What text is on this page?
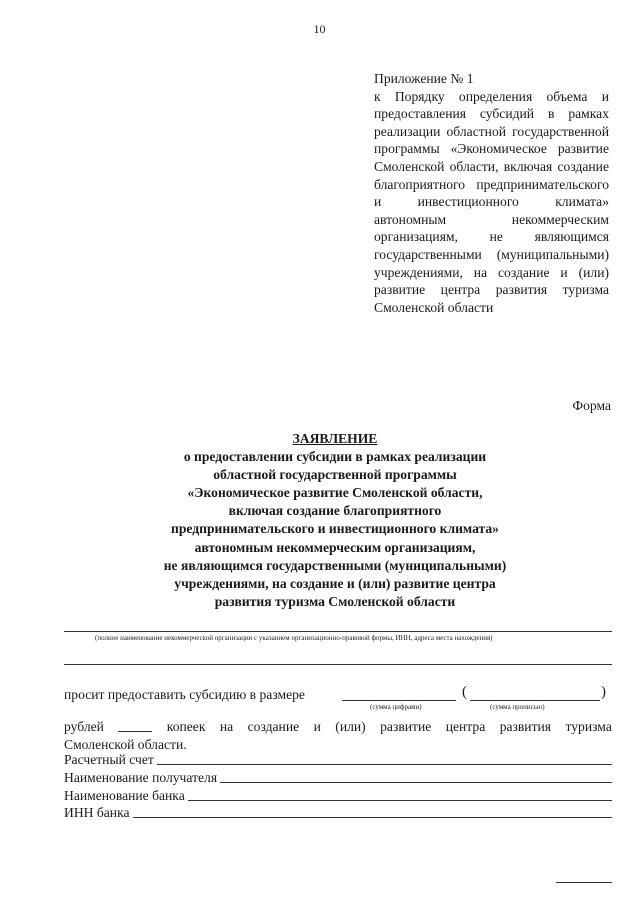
10
Приложение № 1
к Порядку определения объема и предоставления субсидий в рамках реализации областной государственной программы «Экономическое развитие Смоленской области, включая создание благоприятного предпринимательского и инвестиционного климата» автономным некоммерческим организациям, не являющимся государственными (муниципальными) учреждениями, на создание и (или) развитие центра развития туризма Смоленской области
Форма
ЗАЯВЛЕНИЕ
о предоставлении субсидии в рамках реализации
областной государственной программы
«Экономическое развитие Смоленской области,
включая создание благоприятного
предпринимательского и инвестиционного климата»
автономным некоммерческим организациям,
не являющимся государственными (муниципальными)
учреждениями, на создание и (или) развитие центра
развития туризма Смоленской области
(полное наименование некоммерческой организации с указанием организационно-правовой формы, ИНН, адреса места нахождения)
просит предоставить субсидию в размере
(сумма цифрами)
(	)
(сумма прописью)
рублей	копеек на создание и (или) развитие центра развития туризма
Смоленской области.
Расчетный счет
Наименование получателя
Наименование банка
ИНН банка
